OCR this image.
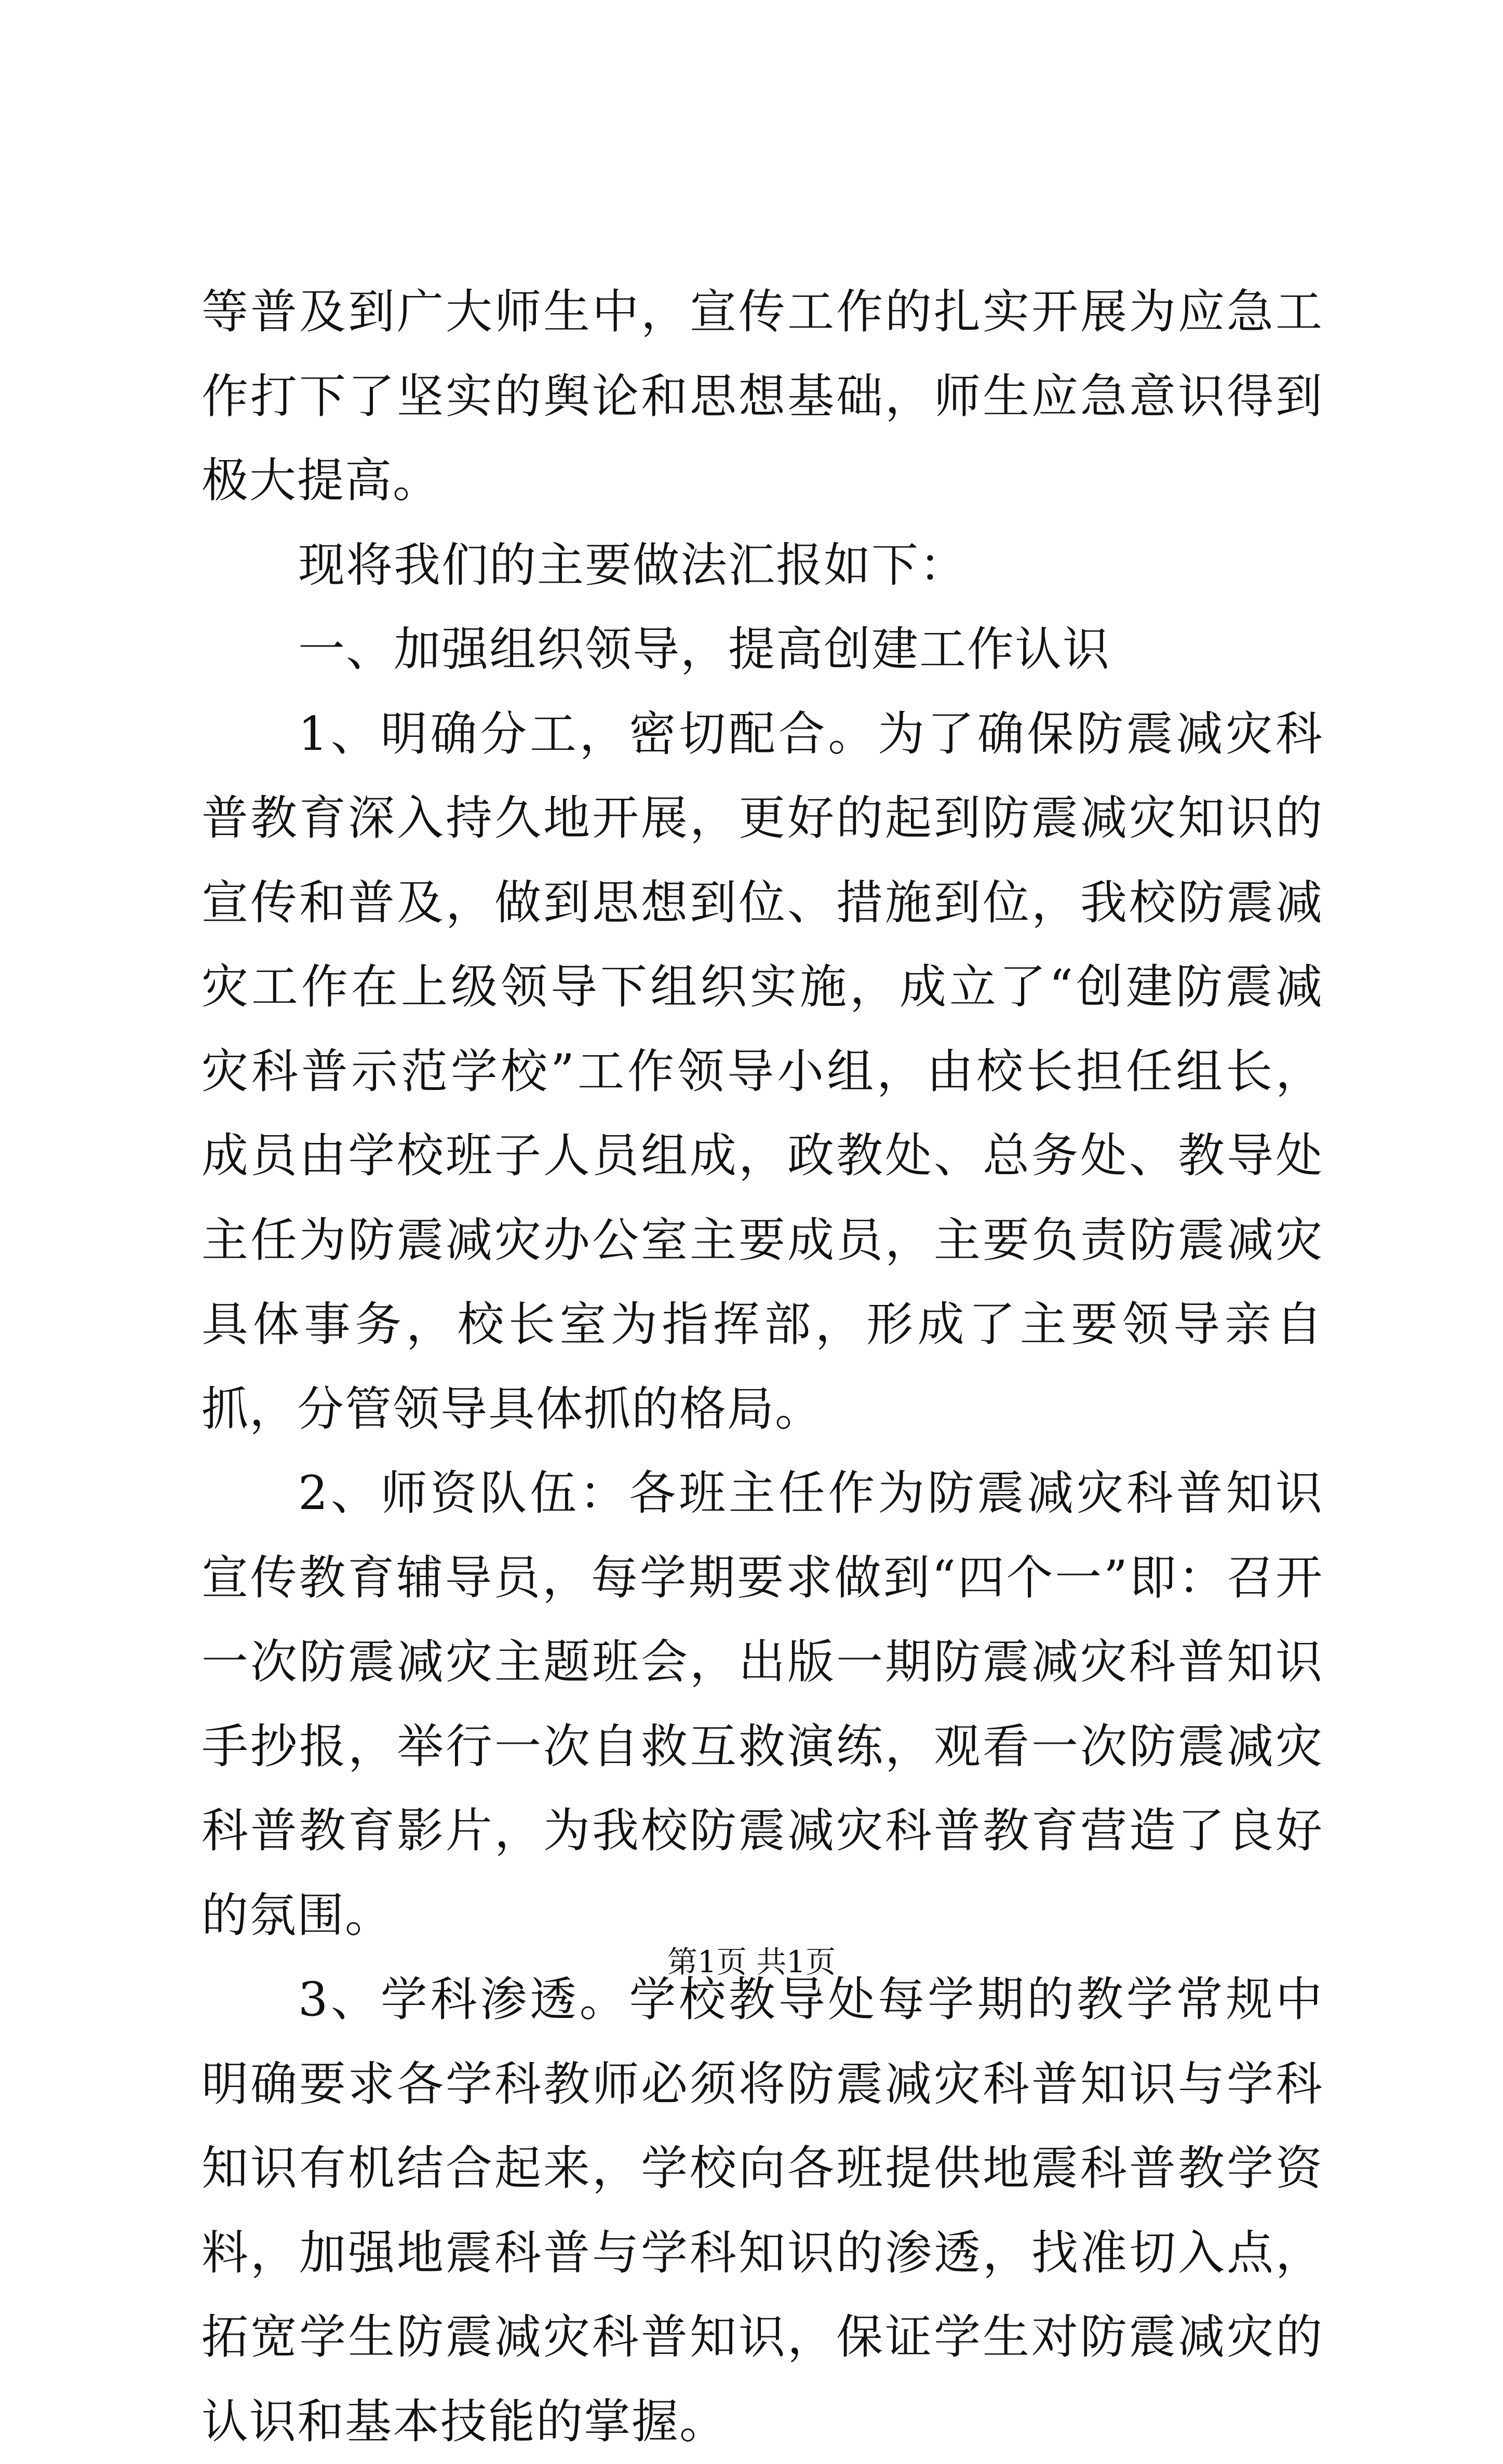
等普及到广大师生中，宣传工作的扎实开展为应急工作打下了坚实的舆论和思想基础，师生应急意识得到极大提高。

现将我们的主要做法汇报如下：

一、加强组织领导，提高创建工作认识

1、明确分工，密切配合。为了确保防震减灾科普教育深入持久地开展，更好的起到防震减灾知识的宣传和普及，做到思想到位、措施到位，我校防震减灾工作在上级领导下组织实施，成立了“创建防震减灾科普示范学校”工作领导小组，由校长担任组长，成员由学校班子人员组成，政教处、总务处、教导处主任为防震减灾办公室主要成员，主要负责防震减灾具体事务，校长室为指挥部，形成了主要领导亲自抓，分管领导具体抓的格局。

2、师资队伍：各班主任作为防震减灾科普知识宣传教育辅导员，每学期要求做到“四个一”即：召开一次防震减灾主题班会，出版一期防震减灾科普知识手抄报，举行一次自救互救演练，观看一次防震减灾科普教育影片，为我校防震减灾科普教育营造了良好的氛围。

3、学科渗透。学校教导处每学期的教学常规中明确要求各学科教师必须将防震减灾科普知识与学科知识有机结合起来，学校向各班提供地震科普教学资料，加强地震科普与学科知识的渗透，找准切入点，拓宽学生防震减灾科普知识，保证学生对防震减灾的认识和基本技能的掌握。

第1页 共1页
